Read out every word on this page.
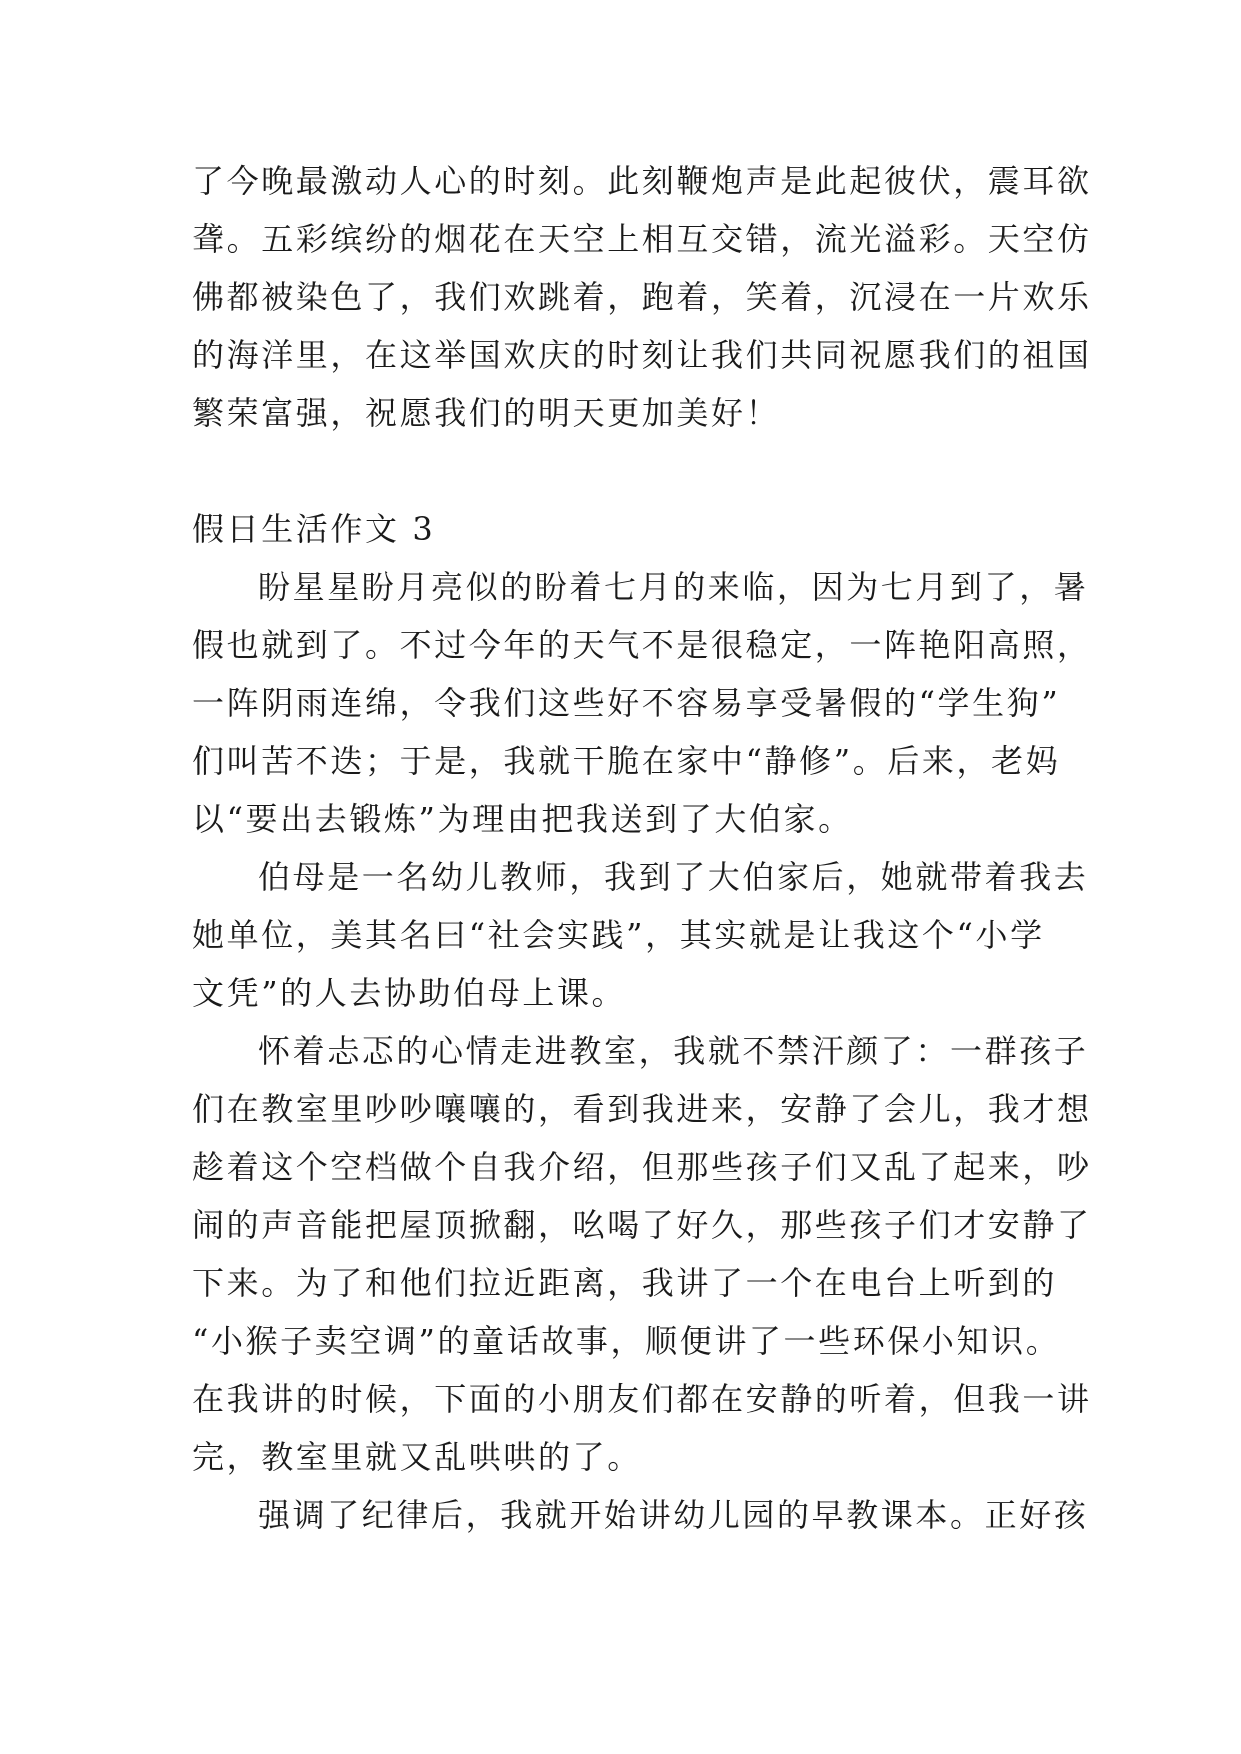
了今晚最激动人心的时刻。此刻鞭炮声是此起彼伏，震耳欲
聋。五彩缤纷的烟花在天空上相互交错，流光溢彩。天空仿
佛都被染色了，我们欢跳着，跑着，笑着，沉浸在一片欢乐
的海洋里，在这举国欢庆的时刻让我们共同祝愿我们的祖国
繁荣富强，祝愿我们的明天更加美好！
假日生活作文 3
盼星星盼月亮似的盼着七月的来临，因为七月到了，暑
假也就到了。不过今年的天气不是很稳定，一阵艳阳高照，
一阵阴雨连绵，令我们这些好不容易享受暑假的“学生狗”
们叫苦不迭；于是，我就干脆在家中“静修”。后来，老妈
以“要出去锻炼”为理由把我送到了大伯家。
伯母是一名幼儿教师，我到了大伯家后，她就带着我去
她单位，美其名曰“社会实践”，其实就是让我这个“小学
文凭”的人去协助伯母上课。
怀着忐忑的心情走进教室，我就不禁汗颜了：一群孩子
们在教室里吵吵嚷嚷的，看到我进来，安静了会儿，我才想
趁着这个空档做个自我介绍，但那些孩子们又乱了起来，吵
闹的声音能把屋顶掀翻，吆喝了好久，那些孩子们才安静了
下来。为了和他们拉近距离，我讲了一个在电台上听到的
“小猴子卖空调”的童话故事，顺便讲了一些环保小知识。
在我讲的时候，下面的小朋友们都在安静的听着，但我一讲
完，教室里就又乱哄哄的了。
强调了纪律后，我就开始讲幼儿园的早教课本。正好孩
